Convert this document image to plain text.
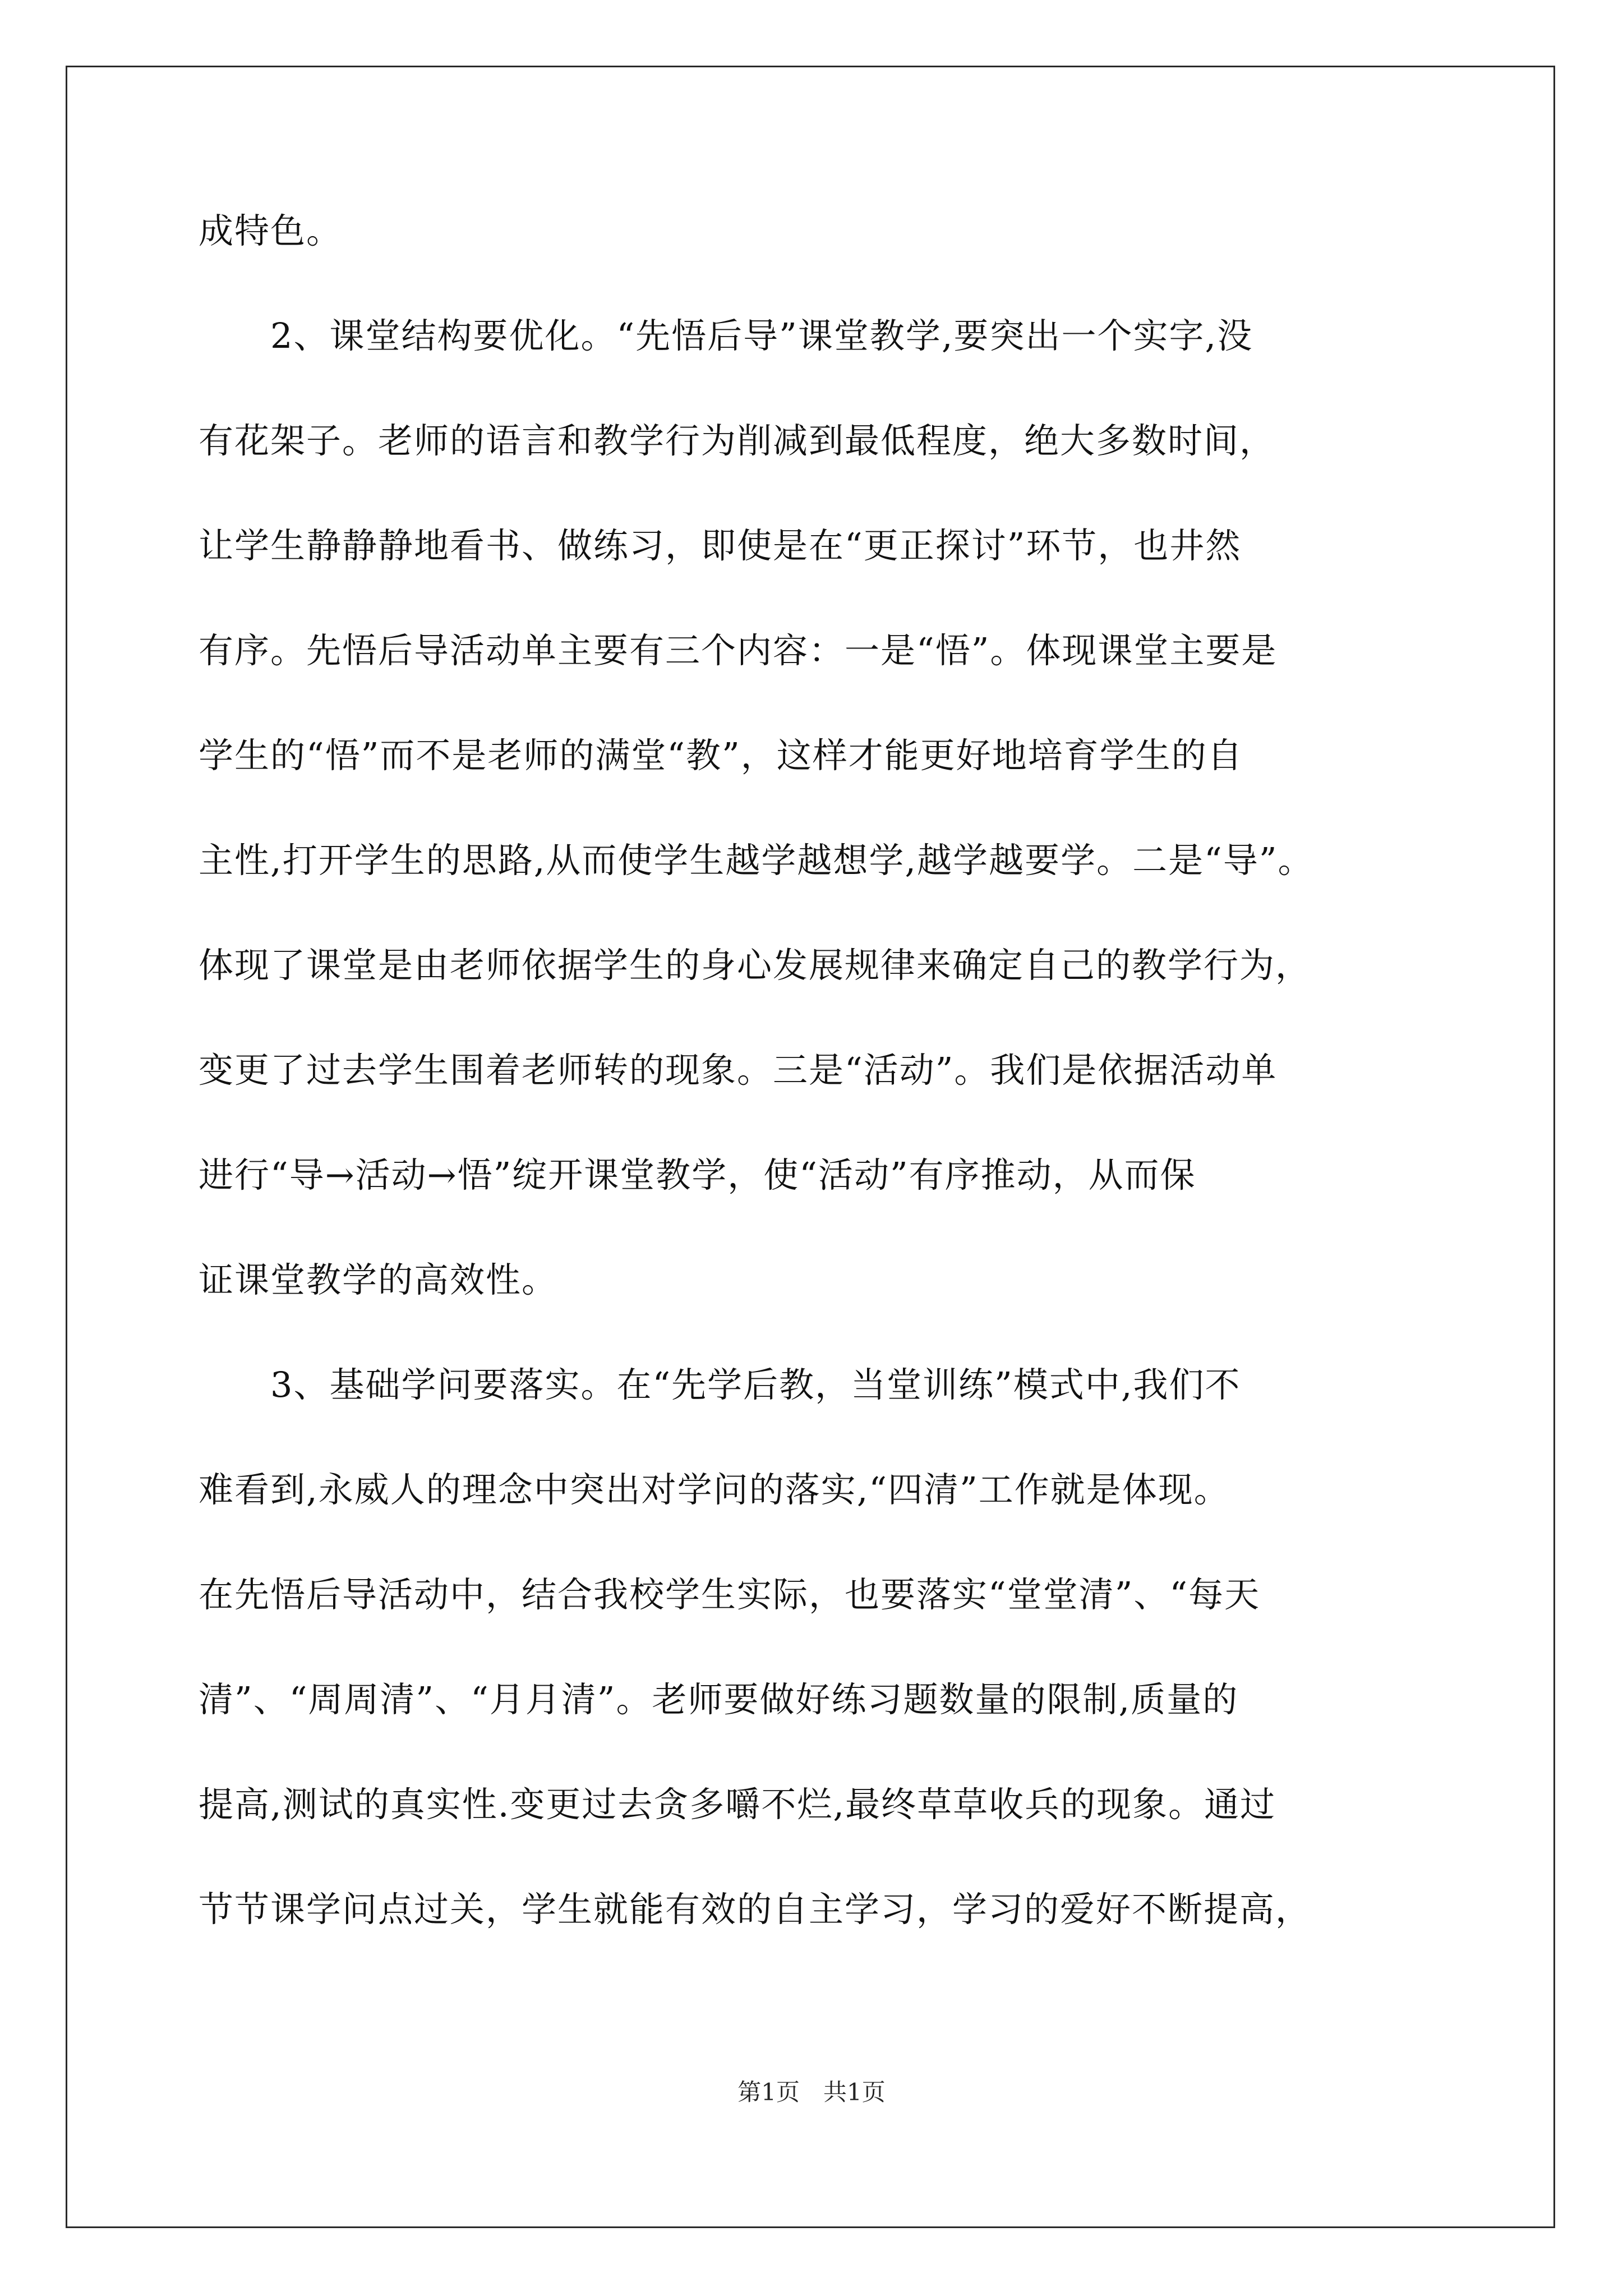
成特色。
　　2、课堂结构要优化。“先悟后导”课堂教学,要突出一个实字,没
有花架子。老师的语言和教学行为削减到最低程度，绝大多数时间，
让学生静静静地看书、做练习，即使是在“更正探讨”环节，也井然
有序。先悟后导活动单主要有三个内容：一是“悟”。体现课堂主要是
学生的“悟”而不是老师的满堂“教”，这样才能更好地培育学生的自
主性,打开学生的思路,从而使学生越学越想学,越学越要学。二是“导”。
体现了课堂是由老师依据学生的身心发展规律来确定自己的教学行为，
变更了过去学生围着老师转的现象。三是“活动”。我们是依据活动单
进行“导→活动→悟”绽开课堂教学，使“活动”有序推动，从而保
证课堂教学的高效性。
　　3、基础学问要落实。在“先学后教，当堂训练”模式中,我们不
难看到,永威人的理念中突出对学问的落实,“四清”工作就是体现。
在先悟后导活动中，结合我校学生实际，也要落实“堂堂清”、“每天
清”、“周周清”、“月月清”。老师要做好练习题数量的限制,质量的
提高,测试的真实性.变更过去贪多嚼不烂,最终草草收兵的现象。通过
节节课学问点过关，学生就能有效的自主学习，学习的爱好不断提高，
第1页　共1页
